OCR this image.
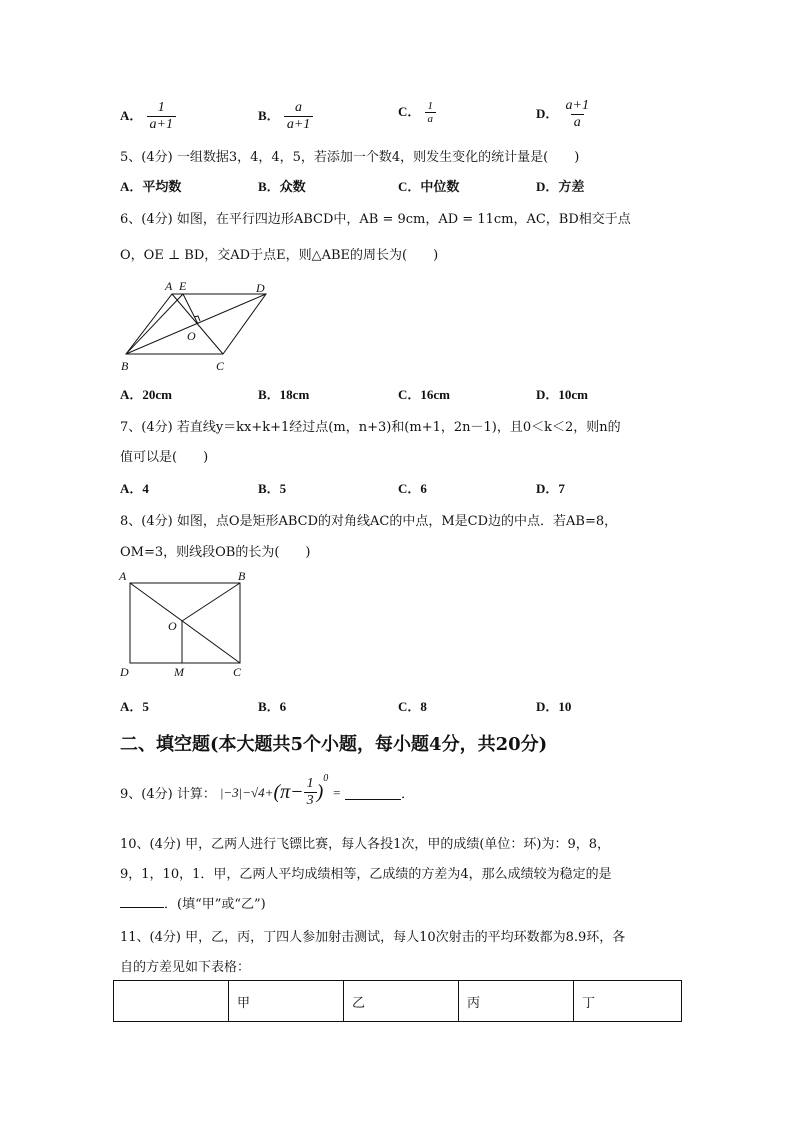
A． $\frac{1}{a+1}$	B． $\frac{a}{a+1}$	C． $\frac{1}{a}$	D． $\frac{a+1}{a}$
5、(4分) 一组数据3，4，4，5，若添加一个数4，则发生变化的统计量是(　　)
A．平均数	B．众数	C．中位数	D．方差
6、(4分) 如图，在平行四边形ABCD中，AB = 9cm，AD = 11cm，AC，BD相交于点
O，OE ⊥ BD，交AD于点E，则△ABE的周长为(　　)
A E	D
O
B	C
A．20cm	B．18cm	C．16cm	D．10cm
7、(4分) 若直线y＝kx+k+1经过点(m，n+3)和(m+1，2n－1)，且0＜k＜2，则n的
值可以是(　　)
A．4	B．5	C．6	D．7
8、(4分) 如图，点O是矩形ABCD的对角线AC的中点，M是CD边的中点．若AB=8，
OM=3，则线段OB的长为(　　)
A	B
O
D	M	C
A．5	B．6	C．8	D．10
二、填空题(本大题共5个小题，每小题4分，共20分)
9、(4分) 计算： $|-3|-√4+ (\pi- \frac{1}{3}$ )
0
=	．
10、(4分) 甲，乙两人进行飞镖比赛，每人各投1次，甲的成绩(单位：环)为：9，8，
9，1，10，1．甲，乙两人平均成绩相等，乙成绩的方差为4，那么成绩较为稳定的是
．(填“甲”或“乙”)
11、(4分) 甲，乙，丙，丁四人参加射击测试，每人10次射击的平均环数都为8.9环，各
自的方差见如下表格：
	甲	乙	丙	丁
